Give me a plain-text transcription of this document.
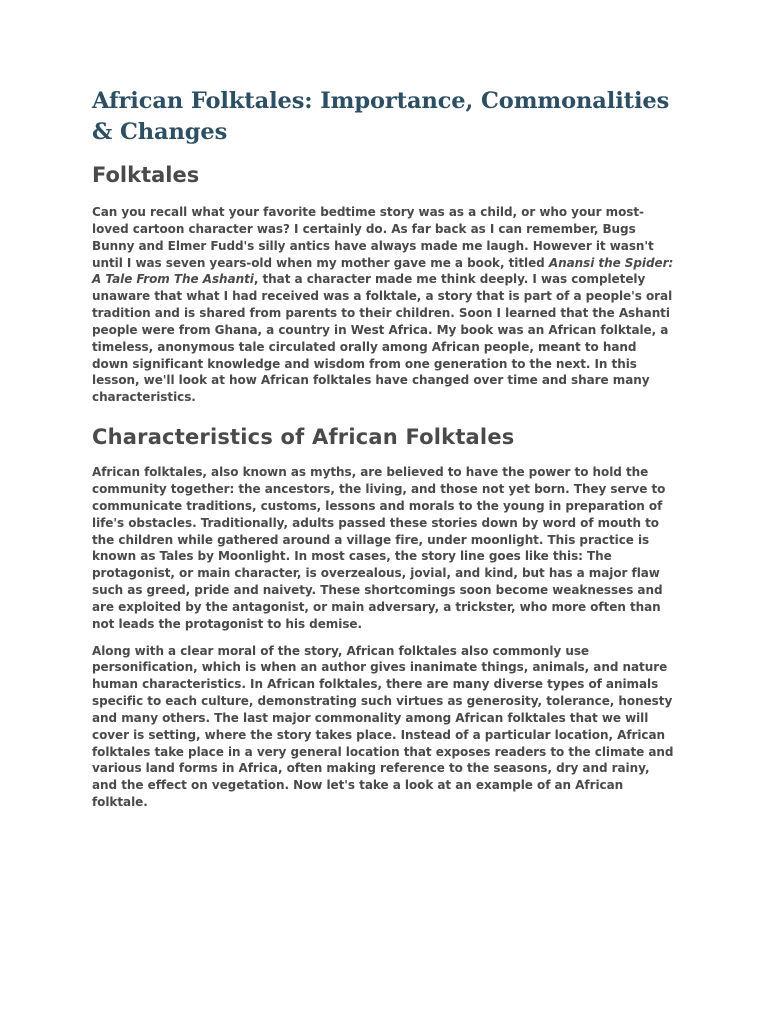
African Folktales: Importance, Commonalities & Changes
Folktales

Can you recall what your favorite bedtime story was as a child, or who your most-loved cartoon character was? I certainly do. As far back as I can remember, Bugs Bunny and Elmer Fudd's silly antics have always made me laugh. However it wasn't until I was seven years-old when my mother gave me a book, titled Anansi the Spider: A Tale From The Ashanti, that a character made me think deeply. I was completely unaware that what I had received was a folktale, a story that is part of a people's oral tradition and is shared from parents to their children. Soon I learned that the Ashanti people were from Ghana, a country in West Africa. My book was an African folktale, a timeless, anonymous tale circulated orally among African people, meant to hand down significant knowledge and wisdom from one generation to the next. In this lesson, we'll look at how African folktales have changed over time and share many characteristics.

Characteristics of African Folktales

African folktales, also known as myths, are believed to have the power to hold the community together: the ancestors, the living, and those not yet born. They serve to communicate traditions, customs, lessons and morals to the young in preparation of life's obstacles. Traditionally, adults passed these stories down by word of mouth to the children while gathered around a village fire, under moonlight. This practice is known as Tales by Moonlight. In most cases, the story line goes like this: The protagonist, or main character, is overzealous, jovial, and kind, but has a major flaw such as greed, pride and naivety. These shortcomings soon become weaknesses and are exploited by the antagonist, or main adversary, a trickster, who more often than not leads the protagonist to his demise.

Along with a clear moral of the story, African folktales also commonly use personification, which is when an author gives inanimate things, animals, and nature human characteristics. In African folktales, there are many diverse types of animals specific to each culture, demonstrating such virtues as generosity, tolerance, honesty and many others. The last major commonality among African folktales that we will cover is setting, where the story takes place. Instead of a particular location, African folktales take place in a very general location that exposes readers to the climate and various land forms in Africa, often making reference to the seasons, dry and rainy, and the effect on vegetation. Now let's take a look at an example of an African folktale.
